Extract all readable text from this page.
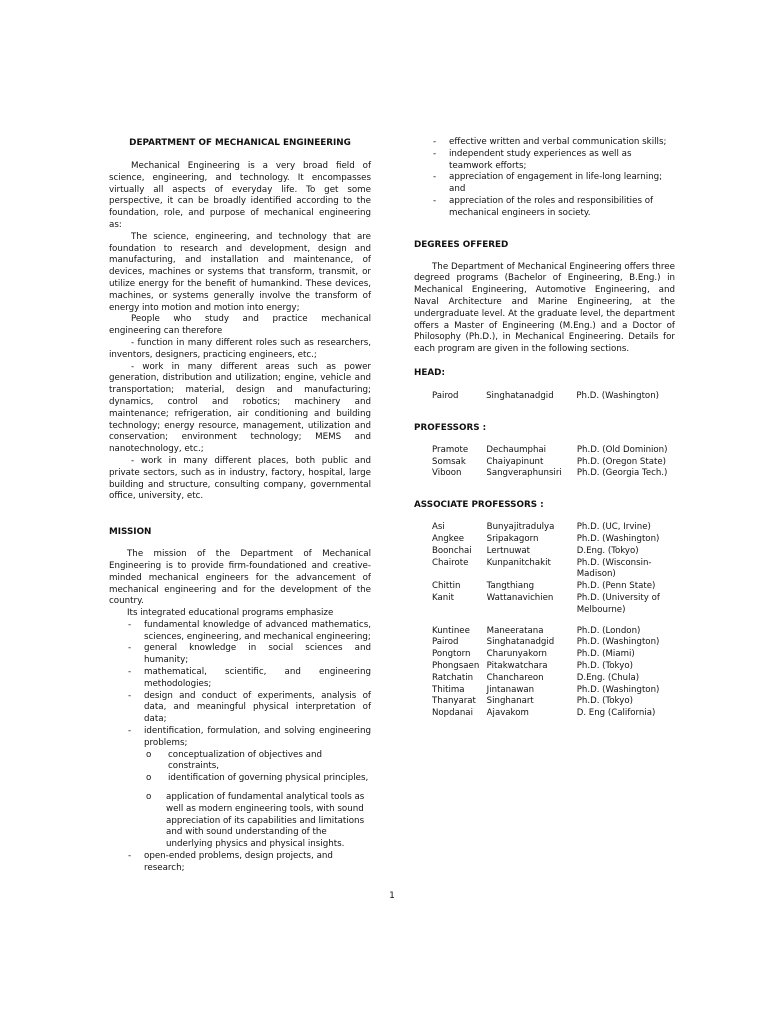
DEPARTMENT OF MECHANICAL ENGINEERING

Mechanical Engineering is a very broad field of science, engineering, and technology. It encompasses virtually all aspects of everyday life. To get some perspective, it can be broadly identified according to the foundation, role, and purpose of mechanical engineering as:

The science, engineering, and technology that are foundation to research and development, design and manufacturing, and installation and maintenance, of devices, machines or systems that transform, transmit, or utilize energy for the benefit of humankind. These devices, machines, or systems generally involve the transform of energy into motion and motion into energy;

People who study and practice mechanical engineering can therefore

- function in many different roles such as researchers, inventors, designers, practicing engineers, etc.;

- work in many different areas such as power generation, distribution and utilization; engine, vehicle and transportation; material, design and manufacturing; dynamics, control and robotics; machinery and maintenance; refrigeration, air conditioning and building technology; energy resource, management, utilization and conservation; environment technology; MEMS and nanotechnology, etc.;

- work in many different places, both public and private sectors, such as in industry, factory, hospital, large building and structure, consulting company, governmental office, university, etc.

MISSION

The mission of the Department of Mechanical Engineering is to provide firm-foundationed and creative-minded mechanical engineers for the advancement of mechanical engineering and for the development of the country.

Its integrated educational programs emphasize

- fundamental knowledge of advanced mathematics, sciences, engineering, and mechanical engineering;
- general knowledge in social sciences and humanity;
- mathematical, scientific, and engineering methodologies;
- design and conduct of experiments, analysis of data, and meaningful physical interpretation of data;
- identification, formulation, and solving engineering problems;
o conceptualization of objectives and constraints,
o identification of governing physical principles,
o application of fundamental analytical tools as well as modern engineering tools, with sound appreciation of its capabilities and limitations and with sound understanding of the underlying physics and physical insights.
- open-ended problems, design projects, and research;
- effective written and verbal communication skills;
- independent study experiences as well as teamwork efforts;
- appreciation of engagement in life-long learning; and
- appreciation of the roles and responsibilities of mechanical engineers in society.
DEGREES OFFERED

The Department of Mechanical Engineering offers three degreed programs (Bachelor of Engineering, B.Eng.) in Mechanical Engineering, Automotive Engineering, and Naval Architecture and Marine Engineering, at the undergraduate level. At the graduate level, the department offers a Master of Engineering (M.Eng.) and a Doctor of Philosophy (Ph.D.), in Mechanical Engineering. Details for each program are given in the following sections.

HEAD:
Pairod	Singhatanadgid	Ph.D. (Washington)
PROFESSORS :
Pramote	Dechaumphai	Ph.D. (Old Dominion)
Somsak	Chaiyapinunt	Ph.D. (Oregon State)
Viboon	Sangveraphunsiri	Ph.D. (Georgia Tech.)
ASSOCIATE PROFESSORS :
Asi	Bunyajitradulya	Ph.D. (UC, Irvine)
Angkee	Sripakagorn	Ph.D. (Washington)
Boonchai	Lertnuwat	D.Eng. (Tokyo)
Chairote	Kunpanitchakit	Ph.D. (Wisconsin-Madison)
Chittin	Tangthiang	Ph.D. (Penn State)
Kanit	Wattanavichien	Ph.D. (University of Melbourne)
Kuntinee	Maneeratana	Ph.D. (London)
Pairod	Singhatanadgid	Ph.D. (Washington)
Pongtorn	Charunyakorn	Ph.D. (Miami)
Phongsaen	Pitakwatchara	Ph.D. (Tokyo)
Ratchatin	Chanchareon	D.Eng. (Chula)
Thitima	Jintanawan	Ph.D. (Washington)
Thanyarat	Singhanart	Ph.D. (Tokyo)
Nopdanai	Ajavakom	D. Eng (California)
1
